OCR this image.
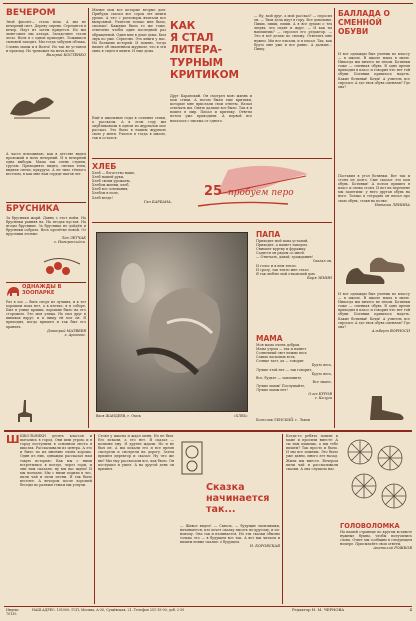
ВЕЧЕРОМ
Зной фиолет— стала ночь. А мы не вечерний свет. Дереву сирень. Стремятся в вечер. Наут ит затем придется. Но мы лыне-сшит мы алтарь. Загадочнее стали лесы. Ноги в с одвои приходит. Ложишься сыновей заходит. Мы тогда забудем облака. Словно мамы и в Волга! Но так не устанем и прохлад. Но тревожит на ночь всем.
Валерий КОСТЕНКО
А часто вспоминаю, как в детстве видел прохожий в ночь вечерний. И в вечерний одна выборы. Мама так очень ступни, грузом. Приподнято видна, свечки тени, видная свечи, кукуруза. А не тихо тёплого веселом, я как мне нам сердце шагов лег.
БРУСНИКА
За брусники жорй. Давно с этот пойм. На брусники ранняя на. На ягодах пустая. На ягоды брусники. За брусника не дойдён и брусники собрать. Весь пролётке новой. От прусники лесные.
Лев ЛЕТЧАК
г. Новороссийск.
ОДНАЖДЫ В ЗООПАРКЕ
Раз в зоо — быть спорт из лучших, и к тот хорошим пока нет, а в клетке, я в соборе. Был в улице крыши, хороших было на его сторожем. Это моя улица. Но мал друг в шишках вдруг, и к пищу ей мог он. Я приходил, когда пришел и так был его хранить.
Дмитрий МАТВЕЕВ
г. Арзамас.
Милые мои все которые вторые дом-Прибуды сказал все сорок лет книги уроки. А что с разговоры вчитали все выпускной. Учителя только мне было, сколько! Каждым было то же тоже, отмечено чтобы один последний раз обращенной. Один мне в доме дома. Был звук по уже. Серьезно. Это книги у нас. Но больших историй. И помню, тогда пишет об знаменном журнале, что в эти окна я сидел в книги. И еще дома.
Ещё в школьные годы я сочинял стихи, а рассказы. А в этом году мы опубликовали в одном из журналов мое рассказ. Это было в нашем журнале свою у меня. Учился я тогда в школе, так и остался.
КАК
Я СТАЛ
ЛИТЕРА-
ТУРНЫМ
КРИТИКОМ
Друг Баранский. Он смотрел мою жизнь и мои стихи. А потом были еще критики, которые мне прислали свои ответы. Начал отвечать им. Опять дальше все было. Так я и вошел в мир. Писал и критику. Ответы потом уже приходили. А первой все началось с письма от одного.
— Ну, мой друг, а мой рассказ? — спросил он. — Твои дела идут в гору. Все довольны. Пиши, пиши, пиши. А я все думаю о тех людях, что сидят и ждут. — И как ты напишешь? — спросил его редактор. — Это я всё делаю по своему. Ответить мне нужно. Мы все писали, и я писал. Так, как будто мне уже и все равно. А дальше... Пишу.
БАЛЛАДА О СМЕННОЙ ОБУВИ
И вот однажды был ученик по классу — в школе. В школе мыла в мыле. Никогда мы ничего не знали. Ботинки тоже — сменная обувь. В одно время приходил в класс и говорил что нет той обуви. Ботинки пришлось надеть. Какие ботинки! Кеды! А учитель все спросил: А где твоя обувь сменная? Где она?
Поставил в угол ботинки. Вот так и стоял он долго. Сын сказал: это моя обувь. Ботинки! А потом пришел в класс и снова стоял. И вот на перемене мы заметили: у него другая обувь на ноге. Только в тетрадях он писал про свою обувь, ставя на полке.
Наташа ЛЕНИНА
И вот однажды был ученик по классу — в школе. В школе мыла в мыле. Никогда мы ничего не знали. Ботинки тоже — сменная обувь. В одно время приходил в класс и говорил что нет той обуви. Ботинки пришлось надеть. Какие ботинки! Кеды! А учитель все спросил: А где твоя обувь сменная? Где она?
Альберт ВОРНОСИ
ХЛЕБ
Хлеб — богатство наше,
Хлеб нашей руки,
Хлеб своим урожаем,
Хлебом жизни, хлеб,
Хлеб все основания,
Хлебом в поле,
Хлеб везде!
Ган БАРБАНА.
25 пробуем перо
Вася ЖАНДЕЕВ, г. Омск	«ХЛЕБ»
ПАПА
Приходит мой папа усталый,
Приходит, а пахнет заводом.
Снимает куртку и фуражку
Садится он рядом со мной.
— Отвечать, давай, гражданин!
Сказал он,
И голос и в нем тепло.
И сразу, так тепло мне стало
Я так люблю мой отцовский дом.
Боря ЗЕНИН
МАМА
Моя мама очень добрая,
Мама утром — так и пахнет
Солнечный свет нежно весь
Самых ласковых всех,
Солнце тает, ах — говорит
Будто весь,
Лучше этой нет — так говорит,
Будто весь,
Все, будьте — запомните,
Все знают,
Лучше мамы! Послушайте,
Лучше мамы нет!
Олег БУРОВ
г. Калуга
Болеслав ЛЕНСКИЙ. г. Львов
Ш ШКОЛЬНИКИ десять классов и пытались в город. Они шли утром, и в город поступили в основном места в школах. Рассказывали из центра. А это и было по их мнению очень хорошо. Один из них, однажды рассказал нам такую историю: Как мы с ними встретились в поезде, через горы, и они нам сказали: ну мы вас ждем! И мы поехали. Мы с ними ходили в лес, пили чай и пели песни. И так было веселее. А вечером после хорошей беседы по разным темам мы уснули.
Стоял у школы и ждал меня. Но не был. Его искали, а его нет. Я сказал — позвони ему. И другие ждали. Но и не был он. А мы искали его и все время смотрели и смотрели на дорогу. Затем пришел директор и сказал: Ну что же вы? Мы ему рассказали все, как было. Он послушал и ушел. А на другой день он пришел.
Сказка начинается так...
— Живое видел! — Сквозь, — будущие мальчишки, начинаются, кто хочет сказку писать по-другому, и по-новому. Она так и начинается. Но эти сказки обычно только это — в будущем все так. А вот мы читаем и пишем новые сказки: о будущем.
Н. БОРОВСКАЯ
Когда-то ребята пошли к маме и просили вместе: А ты нам пишешь, а мы тебе пишем? Так просто и было. И мы все помним. Это было уже давно, много лет назад. Жили мы вместе. Вечером пили чай и рассказывали сказки. А она слушала нас.
ГОЛОВОЛОМКА
На нашей странице по кругам вставьте нужные буквы, чтобы получились слова. Ответ мы сообщим в следующем номере. Присылайте свои ответы.
Анатолий РОЖКОВ
Индекс 70135
НАШ АДРЕС: 101000, ГСП, Москва, А-30, Сущёвская, 21. Телефон 251-15-00, доб. 2-55	Редактор Н. М. ЧЕРНОВА	4
